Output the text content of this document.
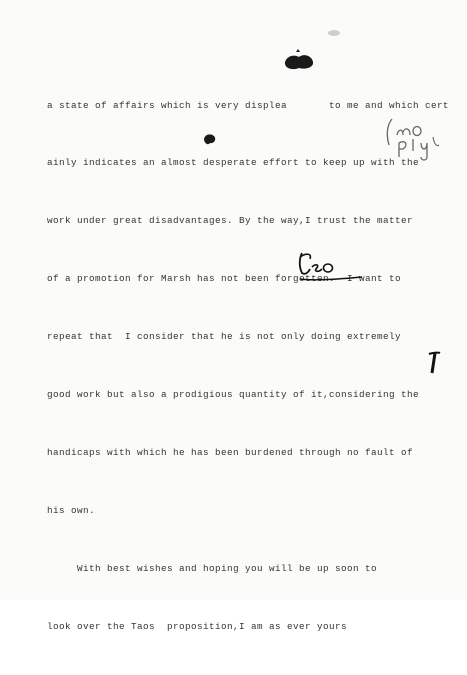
a state of affairs which is very displea       to me and which cert

ainly indicates an almost desperate effort to keep up with the

work under great disadvantages. By the way,I trust the matter

of a promotion for Marsh has not been forgotten.  I want to

repeat that  I consider that he is not only doing extremely

good work but also a prodigious quantity of it,considering the

handicaps with which he has been burdened through no fault of

his own.

With best wishes and hoping you will be up soon to

look over the Taos  proposition,I am as ever yours
